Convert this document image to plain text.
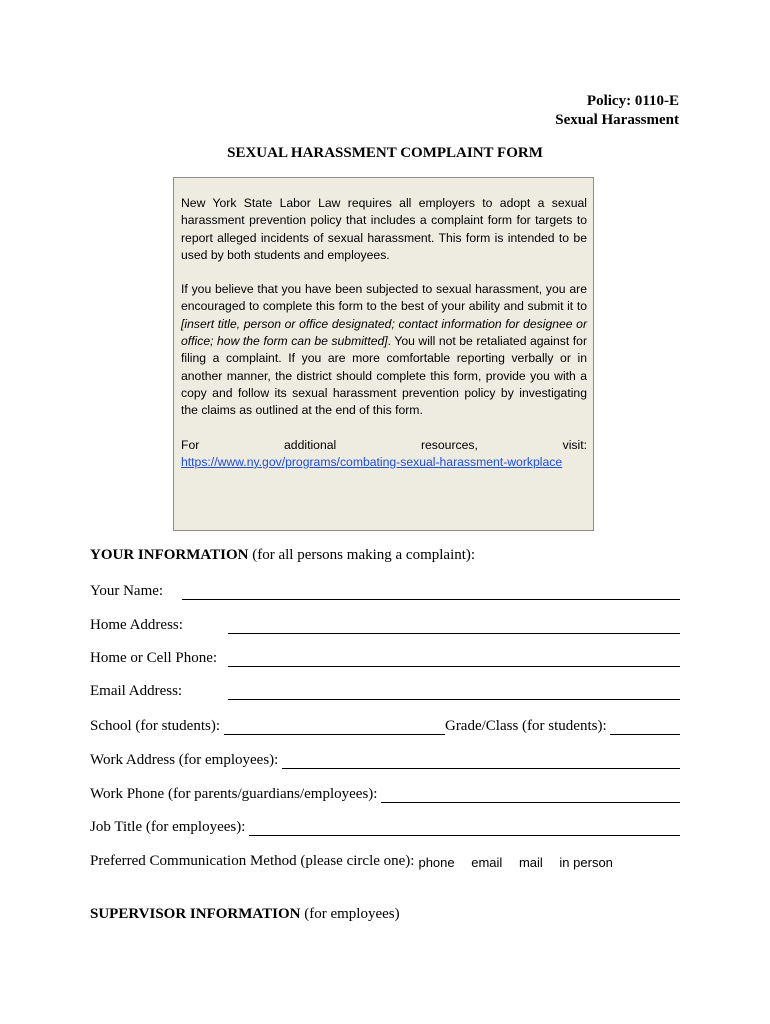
Policy: 0110-E
Sexual Harassment
SEXUAL HARASSMENT COMPLAINT FORM

New York State Labor Law requires all employers to adopt a sexual harassment prevention policy that includes a complaint form for targets to report alleged incidents of sexual harassment. This form is intended to be used by both students and employees.

If you believe that you have been subjected to sexual harassment, you are encouraged to complete this form to the best of your ability and submit it to [insert title, person or office designated; contact information for designee or office; how the form can be submitted]. You will not be retaliated against for filing a complaint. If you are more comfortable reporting verbally or in another manner, the district should complete this form, provide you with a copy and follow its sexual harassment prevention policy by investigating the claims as outlined at the end of this form.

For	additional	resources,	visit:
https://www.ny.gov/programs/combating-sexual-harassment-workplace
YOUR INFORMATION (for all persons making a complaint):
Your Name:
Home Address:
Home or Cell Phone:
Email Address:
School (for students):	Grade/Class (for students):
Work Address (for employees):
Work Phone (for parents/guardians/employees):
Job Title (for employees):
Preferred Communication Method (please circle one): phone email mail in person
SUPERVISOR INFORMATION (for employees)
